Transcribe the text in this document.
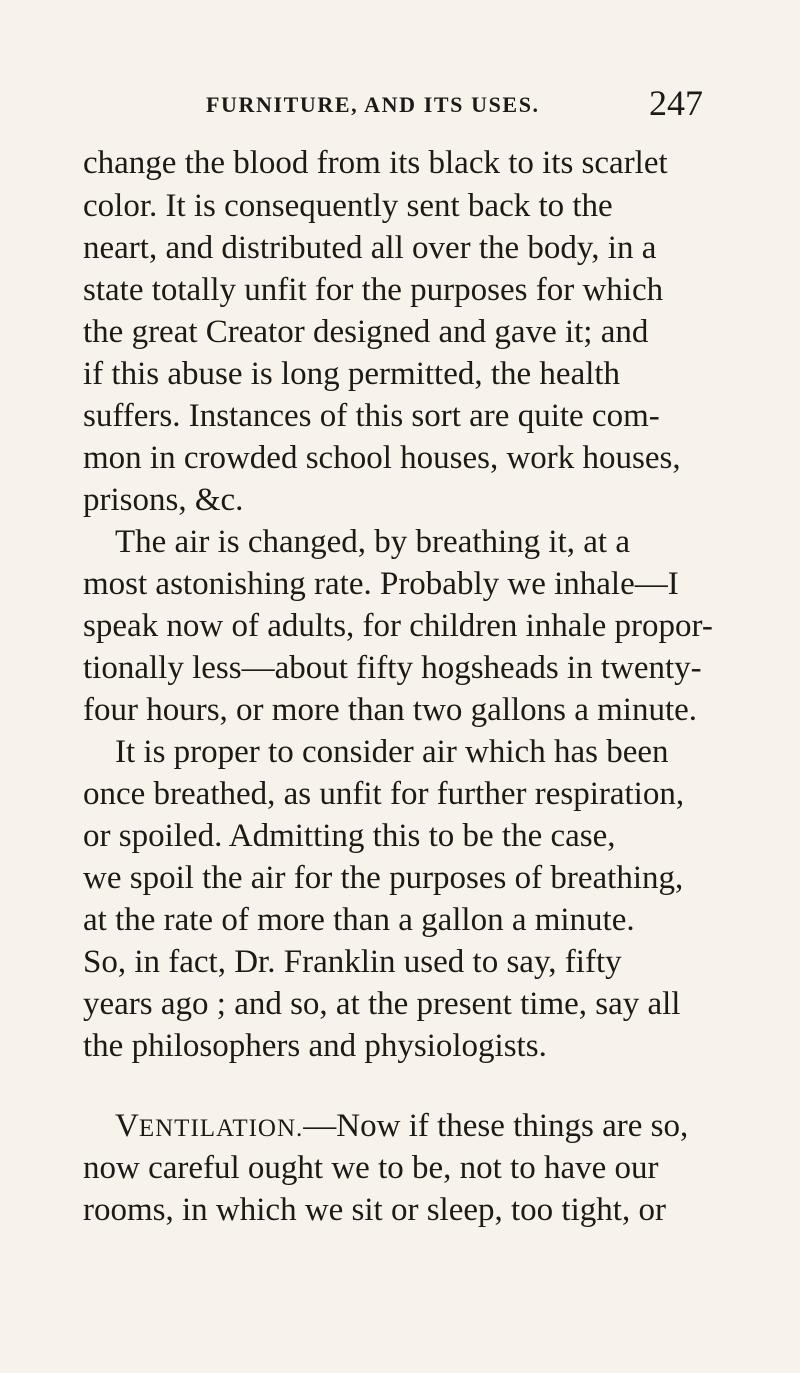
FURNITURE, AND ITS USES.	247
change the blood from its black to its scarlet
color. It is consequently sent back to the
neart, and distributed all over the body, in a
state totally unfit for the purposes for which
the great Creator designed and gave it; and
if this abuse is long permitted, the health
suffers. Instances of this sort are quite com-
mon in crowded school houses, work houses,
prisons, &c.
The air is changed, by breathing it, at a
most astonishing rate. Probably we inhale—I
speak now of adults, for children inhale propor-
tionally less—about fifty hogsheads in twenty-
four hours, or more than two gallons a minute.
It is proper to consider air which has been
once breathed, as unfit for further respiration,
or spoiled. Admitting this to be the case,
we spoil the air for the purposes of breathing,
at the rate of more than a gallon a minute.
So, in fact, Dr. Franklin used to say, fifty
years ago ; and so, at the present time, say all
the philosophers and physiologists.
VENTILATION.—Now if these things are so,
now careful ought we to be, not to have our
rooms, in which we sit or sleep, too tight, or
